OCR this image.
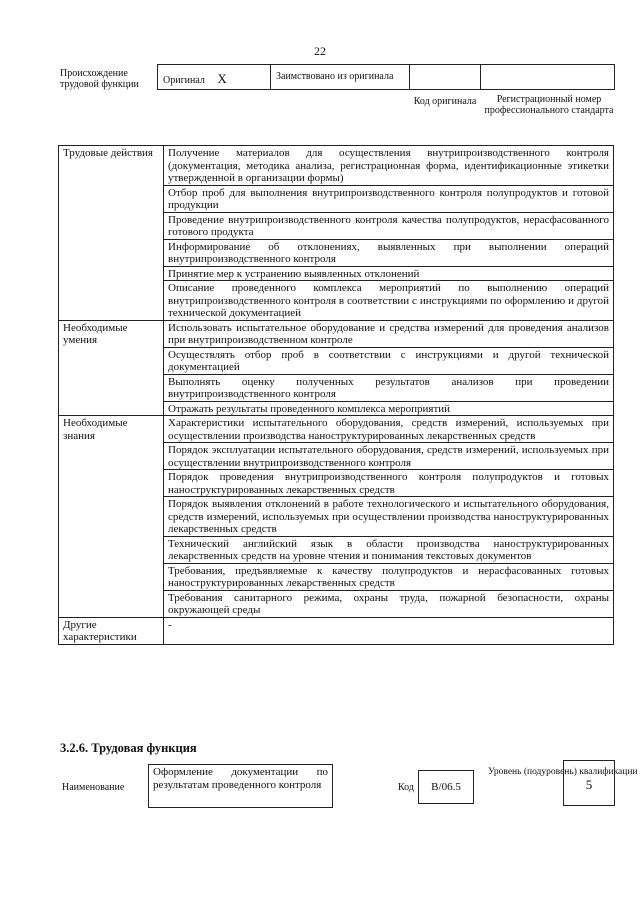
22
Происхождение трудовой функции	Оригинал X	Заимствовано из оригинала
Код оригинала	Регистрационный номер профессионального стандарта
Трудовые действия	Получение материалов для осуществления внутрипроизводственного контроля (документация, методика анализа, регистрационная форма, идентификационные этикетки утвержденной в организации формы)
	Отбор проб для выполнения внутрипроизводственного контроля полупродуктов и готовой продукции
	Проведение внутрипроизводственного контроля качества полупродуктов, нерасфасованного готового продукта
	Информирование об отклонениях, выявленных при выполнении операций внутрипроизводственного контроля
	Принятие мер к устранению выявленных отклонений
	Описание проведенного комплекса мероприятий по выполнению операций внутрипроизводственного контроля в соответствии с инструкциями по оформлению и другой технической документацией
Необходимые умения	Использовать испытательное оборудование и средства измерений для проведения анализов при внутрипроизводственном контроле
	Осуществлять отбор проб в соответствии с инструкциями и другой технической документацией
	Выполнять оценку полученных результатов анализов при проведении внутрипроизводственного контроля
	Отражать результаты проведенного комплекса мероприятий
Необходимые знания	Характеристики испытательного оборудования, средств измерений, используемых при осуществлении производства наноструктурированных лекарственных средств
	Порядок эксплуатации испытательного оборудования, средств измерений, используемых при осуществлении внутрипроизводственного контроля
	Порядок проведения внутрипроизводственного контроля полупродуктов и готовых наноструктурированных лекарственных средств
	Порядок выявления отклонений в работе технологического и испытательного оборудования, средств измерений, используемых при осуществлении производства наноструктурированных лекарственных средств
	Технический английский язык в области производства наноструктурированных лекарственных средств на уровне чтения и понимания текстовых документов
	Требования, предъявляемые к качеству полупродуктов и нерасфасованных готовых наноструктурированных лекарственных средств
	Требования санитарного режима, охраны труда, пожарной безопасности, охраны окружающей среды
Другие характеристики	-
3.2.6. Трудовая функция
Наименование
Оформление документации по результатам проведенного контроля	Код	B/06.5
Уровень (подуровень) квалификации
5
